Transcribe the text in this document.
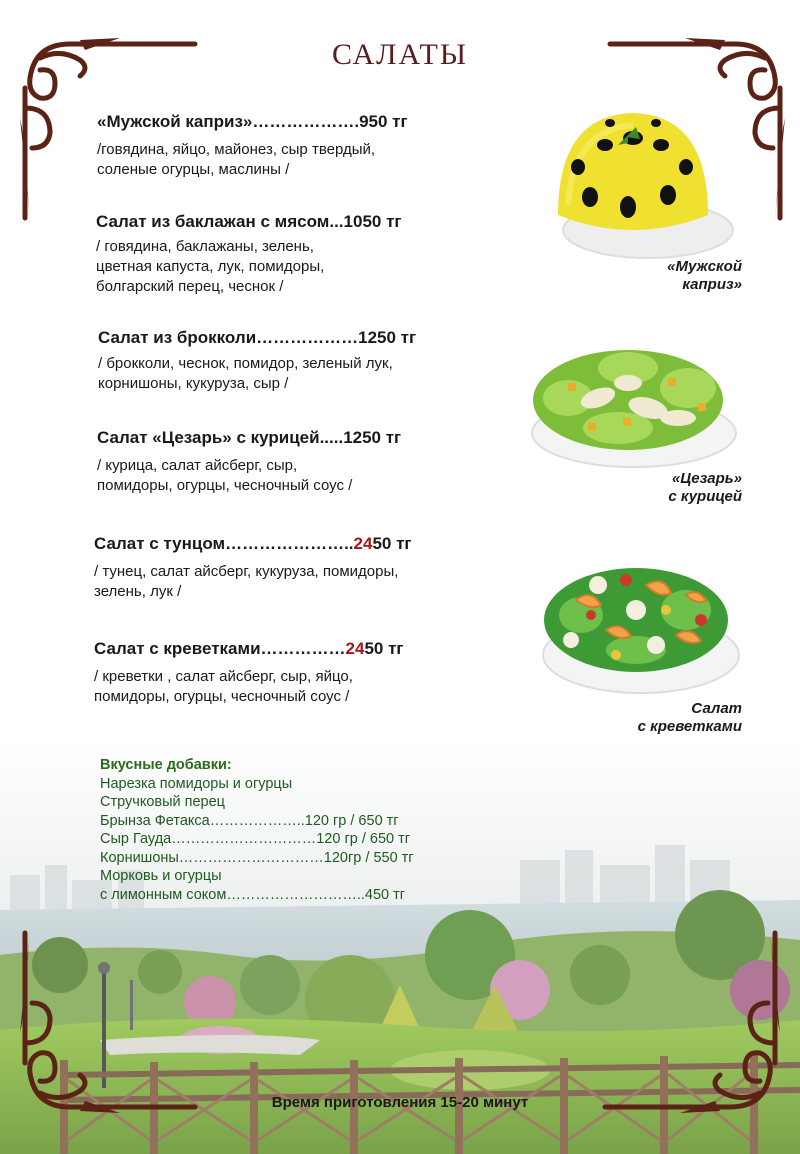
САЛАТЫ
«Мужской каприз»……………….950 тг
/говядина, яйцо, майонез, сыр твердый,
соленые огурцы, маслины /
Салат из баклажан с мясом...1050 тг
/ говядина, баклажаны, зелень,
цветная капуста, лук, помидоры,
болгарский перец, чеснок /
Салат из брокколи………………1250 тг
/ брокколи, чеснок, помидор, зеленый лук,
корнишоны, кукуруза, сыр /
Салат «Цезарь» с курицей.....1250 тг
/ курица, салат айсберг, сыр,
помидоры, огурцы, чесночный соус /
Салат с тунцом…………………..2450 тг
/ тунец, салат айсберг, кукуруза, помидоры,
зелень, лук /
Салат с креветками……………2450 тг
/ креветки , салат айсберг, сыр, яйцо,
помидоры, огурцы, чесночный соус /
«Мужской
каприз»
«Цезарь»
с курицей
Салат
с креветками
Вкусные добавки:
Нарезка помидоры и огурцы
Стручковый перец
Брынза Фетакса………………..120 гр / 650 тг
Сыр Гауда…………………………120 гр / 650 тг
Корнишоны…………………………120гр / 550 тг
Морковь и огурцы
с лимонным соком………………………..450 тг
Время приготовления 15-20 минут
